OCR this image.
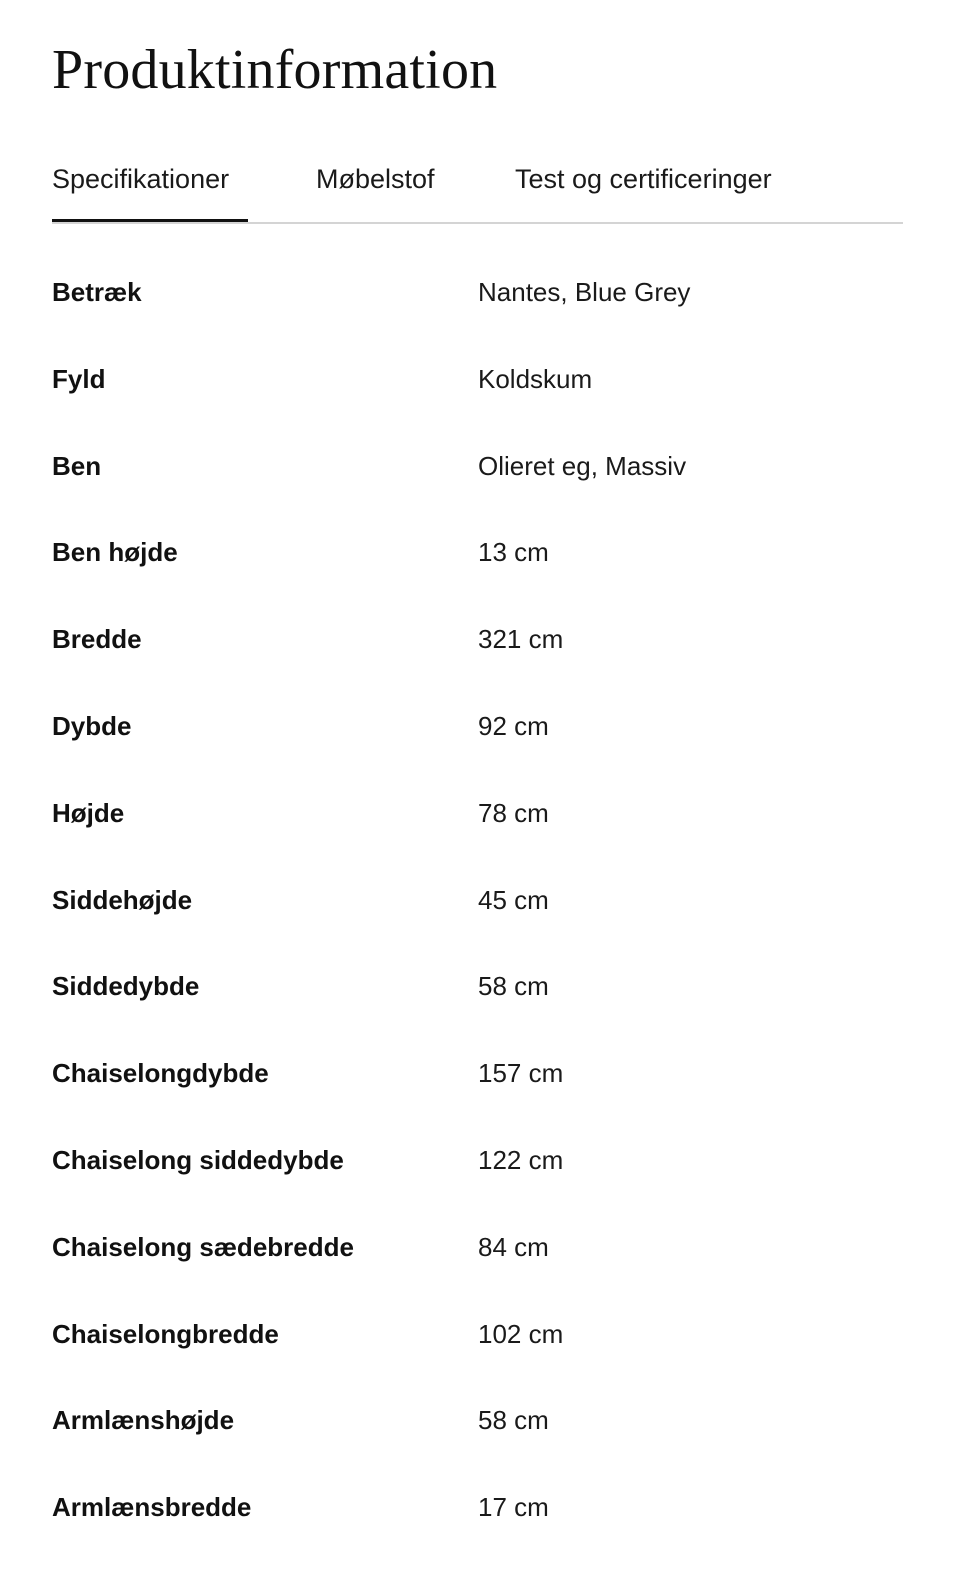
Produktinformation
Specifikationer	Møbelstof	Test og certificeringer
Betræk	Nantes, Blue Grey
Fyld	Koldskum
Ben	Olieret eg, Massiv
Ben højde	13 cm
Bredde	321 cm
Dybde	92 cm
Højde	78 cm
Siddehøjde	45 cm
Siddedybde	58 cm
Chaiselongdybde	157 cm
Chaiselong siddedybde	122 cm
Chaiselong sædebredde	84 cm
Chaiselongbredde	102 cm
Armlænshøjde	58 cm
Armlænsbredde	17 cm
